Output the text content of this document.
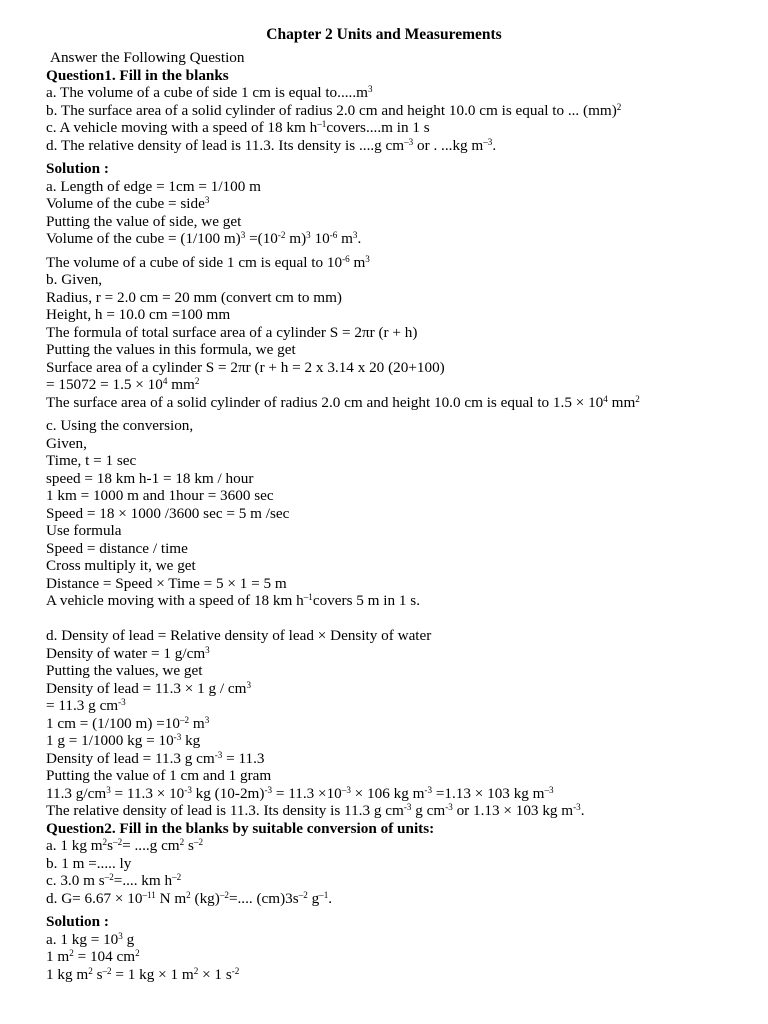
Chapter 2 Units and Measurements

Answer the Following Question

Question1. Fill in the blanks

a. The volume of a cube of side 1 cm is equal $to.....m^3$

b. The surface area of a solid cylinder of radius 2.0 cm and height 10.0 cm is equal to ... (mm)$^2$

c. A vehicle moving with a speed of 18 km $h^{-1}covers....m$ in 1 s

d. The relative density of lead is 11.3. Its density is ....g $cm^{-3}$ or . ...kg $m^{-3}$.

Solution :

a. Length of edge = 1cm = 1/100 m

Volume of the cube = side$^3$

Putting the value of side, we get

Volume of the cube = (1/100 $m)^3 =(10^{-2}$ m)$^3$ $10^{-6}$ $m^3$.

The volume of a cube of side 1 cm is equal to $10^{-6}$ $m^3$

b. Given,

Radius, r = 2.0 cm = 20 mm (convert cm to mm)

Height, h = 10.0 cm =100 mm

The formula of total surface area of a cylinder S = 2πr (r + h)

Putting the values in this formula, we get

Surface area of a cylinder S = 2πr (r + h = 2 x 3.14 x 20 (20+100)

= $15072 = 1.5 \times 10^4$ $mm^2$

The surface area of a solid cylinder of radius 2.0 cm and height 10.0 cm is equal to $1.5 \times 10^4$ $mm^2$

c. Using the conversion,

Given,

Time, t = 1 sec

speed = 18 km h-1 = 18 km / hour

1 km = 1000 m and 1hour = 3600 sec

Speed = 18 × 1000 /3600 sec = 5 m /sec

Use formula

Speed = distance / time

Cross multiply it, we get

Distance = Speed × Time = 5 × 1 = 5 m

A vehicle moving with a speed of 18 km $h^{-1}covers$ 5 m in 1 s.

d. Density of lead = Relative density of lead × Density of water

Density of water = 1 $g/cm^3$

Putting the values, we get

Density of lead = 11.3 × 1 g / $cm^3$

= 11.3 g $cm^{-3}$

1 cm = (1/100 $m) =10^{-2}$ $m^3$

1 g = 1/1000 kg = $10^{-3}$ kg

Density of lead = 11.3 g $cm^{-3} = 11.3$

Putting the value of 1 cm and 1 gram

11.3 $g/cm^3 = 11.3 \times 10^{-3}$ kg $(10-2m)^{-3} = 11.3 \times 10^{-3} \times 106$ kg $m^{-3} =1.13 \times 103$ kg $m^{-3}$

The relative density of lead is 11.3. Its density is 11.3 g $cm^{-3}$ g $cm^{-3}$ or 1.13 × 103 kg $m^{-3}$.

Question2. Fill in the blanks by suitable conversion of units:

a. 1 kg $m^2s^{-2}= ....g$ $cm^2$ $s^{-2}$

b. 1 m =..... ly

c. 3.0 m $s^{-2}=$.... km $h^{-2}$

d. $G= 6.67 \times 10^{-11}$ N $m^2$ (kg)$^{-2}$=.... $(cm)3s^{-2}$ $g^{-1}$.

Solution :

a. 1 kg = $10^3$ g

1 $m^2 = 104$ $cm^2$

1 kg $m^2$ $s^{-2} = 1$ kg × 1 $m^2 \times 1$ $s^{-2}$
